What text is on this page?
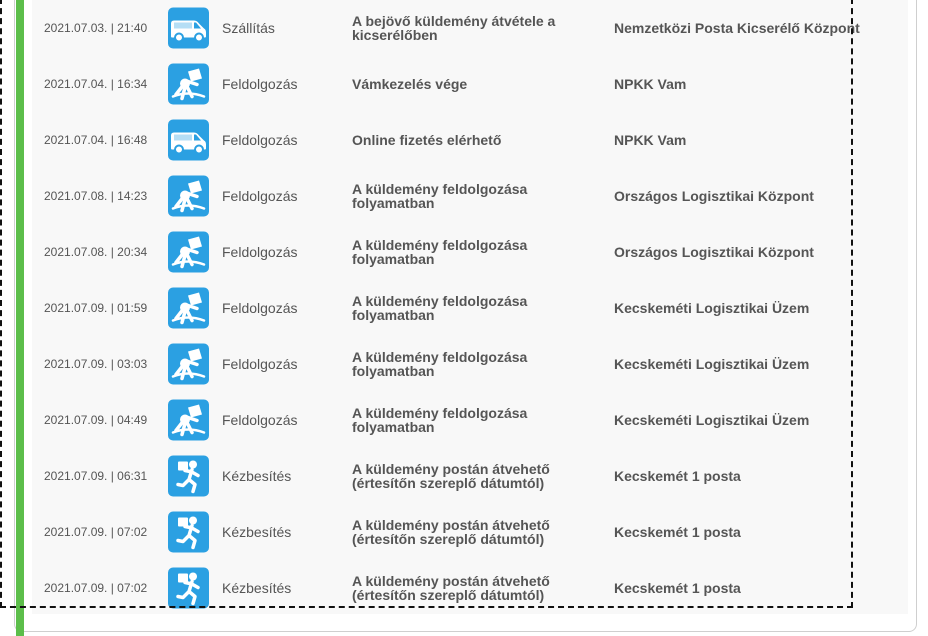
2021.07.03. | 21:40	Szállítás	A bejövő küldemény átvétele a kicserélőben	Nemzetközi Posta Kicserélő Központ
2021.07.04. | 16:34	Feldolgozás	Vámkezelés vége	NPKK Vam
2021.07.04. | 16:48	Feldolgozás	Online fizetés elérhető	NPKK Vam
2021.07.08. | 14:23	Feldolgozás	A küldemény feldolgozása folyamatban	Országos Logisztikai Központ
2021.07.08. | 20:34	Feldolgozás	A küldemény feldolgozása folyamatban	Országos Logisztikai Központ
2021.07.09. | 01:59	Feldolgozás	A küldemény feldolgozása folyamatban	Kecskeméti Logisztikai Üzem
2021.07.09. | 03:03	Feldolgozás	A küldemény feldolgozása folyamatban	Kecskeméti Logisztikai Üzem
2021.07.09. | 04:49	Feldolgozás	A küldemény feldolgozása folyamatban	Kecskeméti Logisztikai Üzem
2021.07.09. | 06:31	Kézbesítés	A küldemény postán átvehető (értesítőn szereplő dátumtól)	Kecskemét 1 posta
2021.07.09. | 07:02	Kézbesítés	A küldemény postán átvehető (értesítőn szereplő dátumtól)	Kecskemét 1 posta
2021.07.09. | 07:02	Kézbesítés	A küldemény postán átvehető (értesítőn szereplő dátumtól)	Kecskemét 1 posta
